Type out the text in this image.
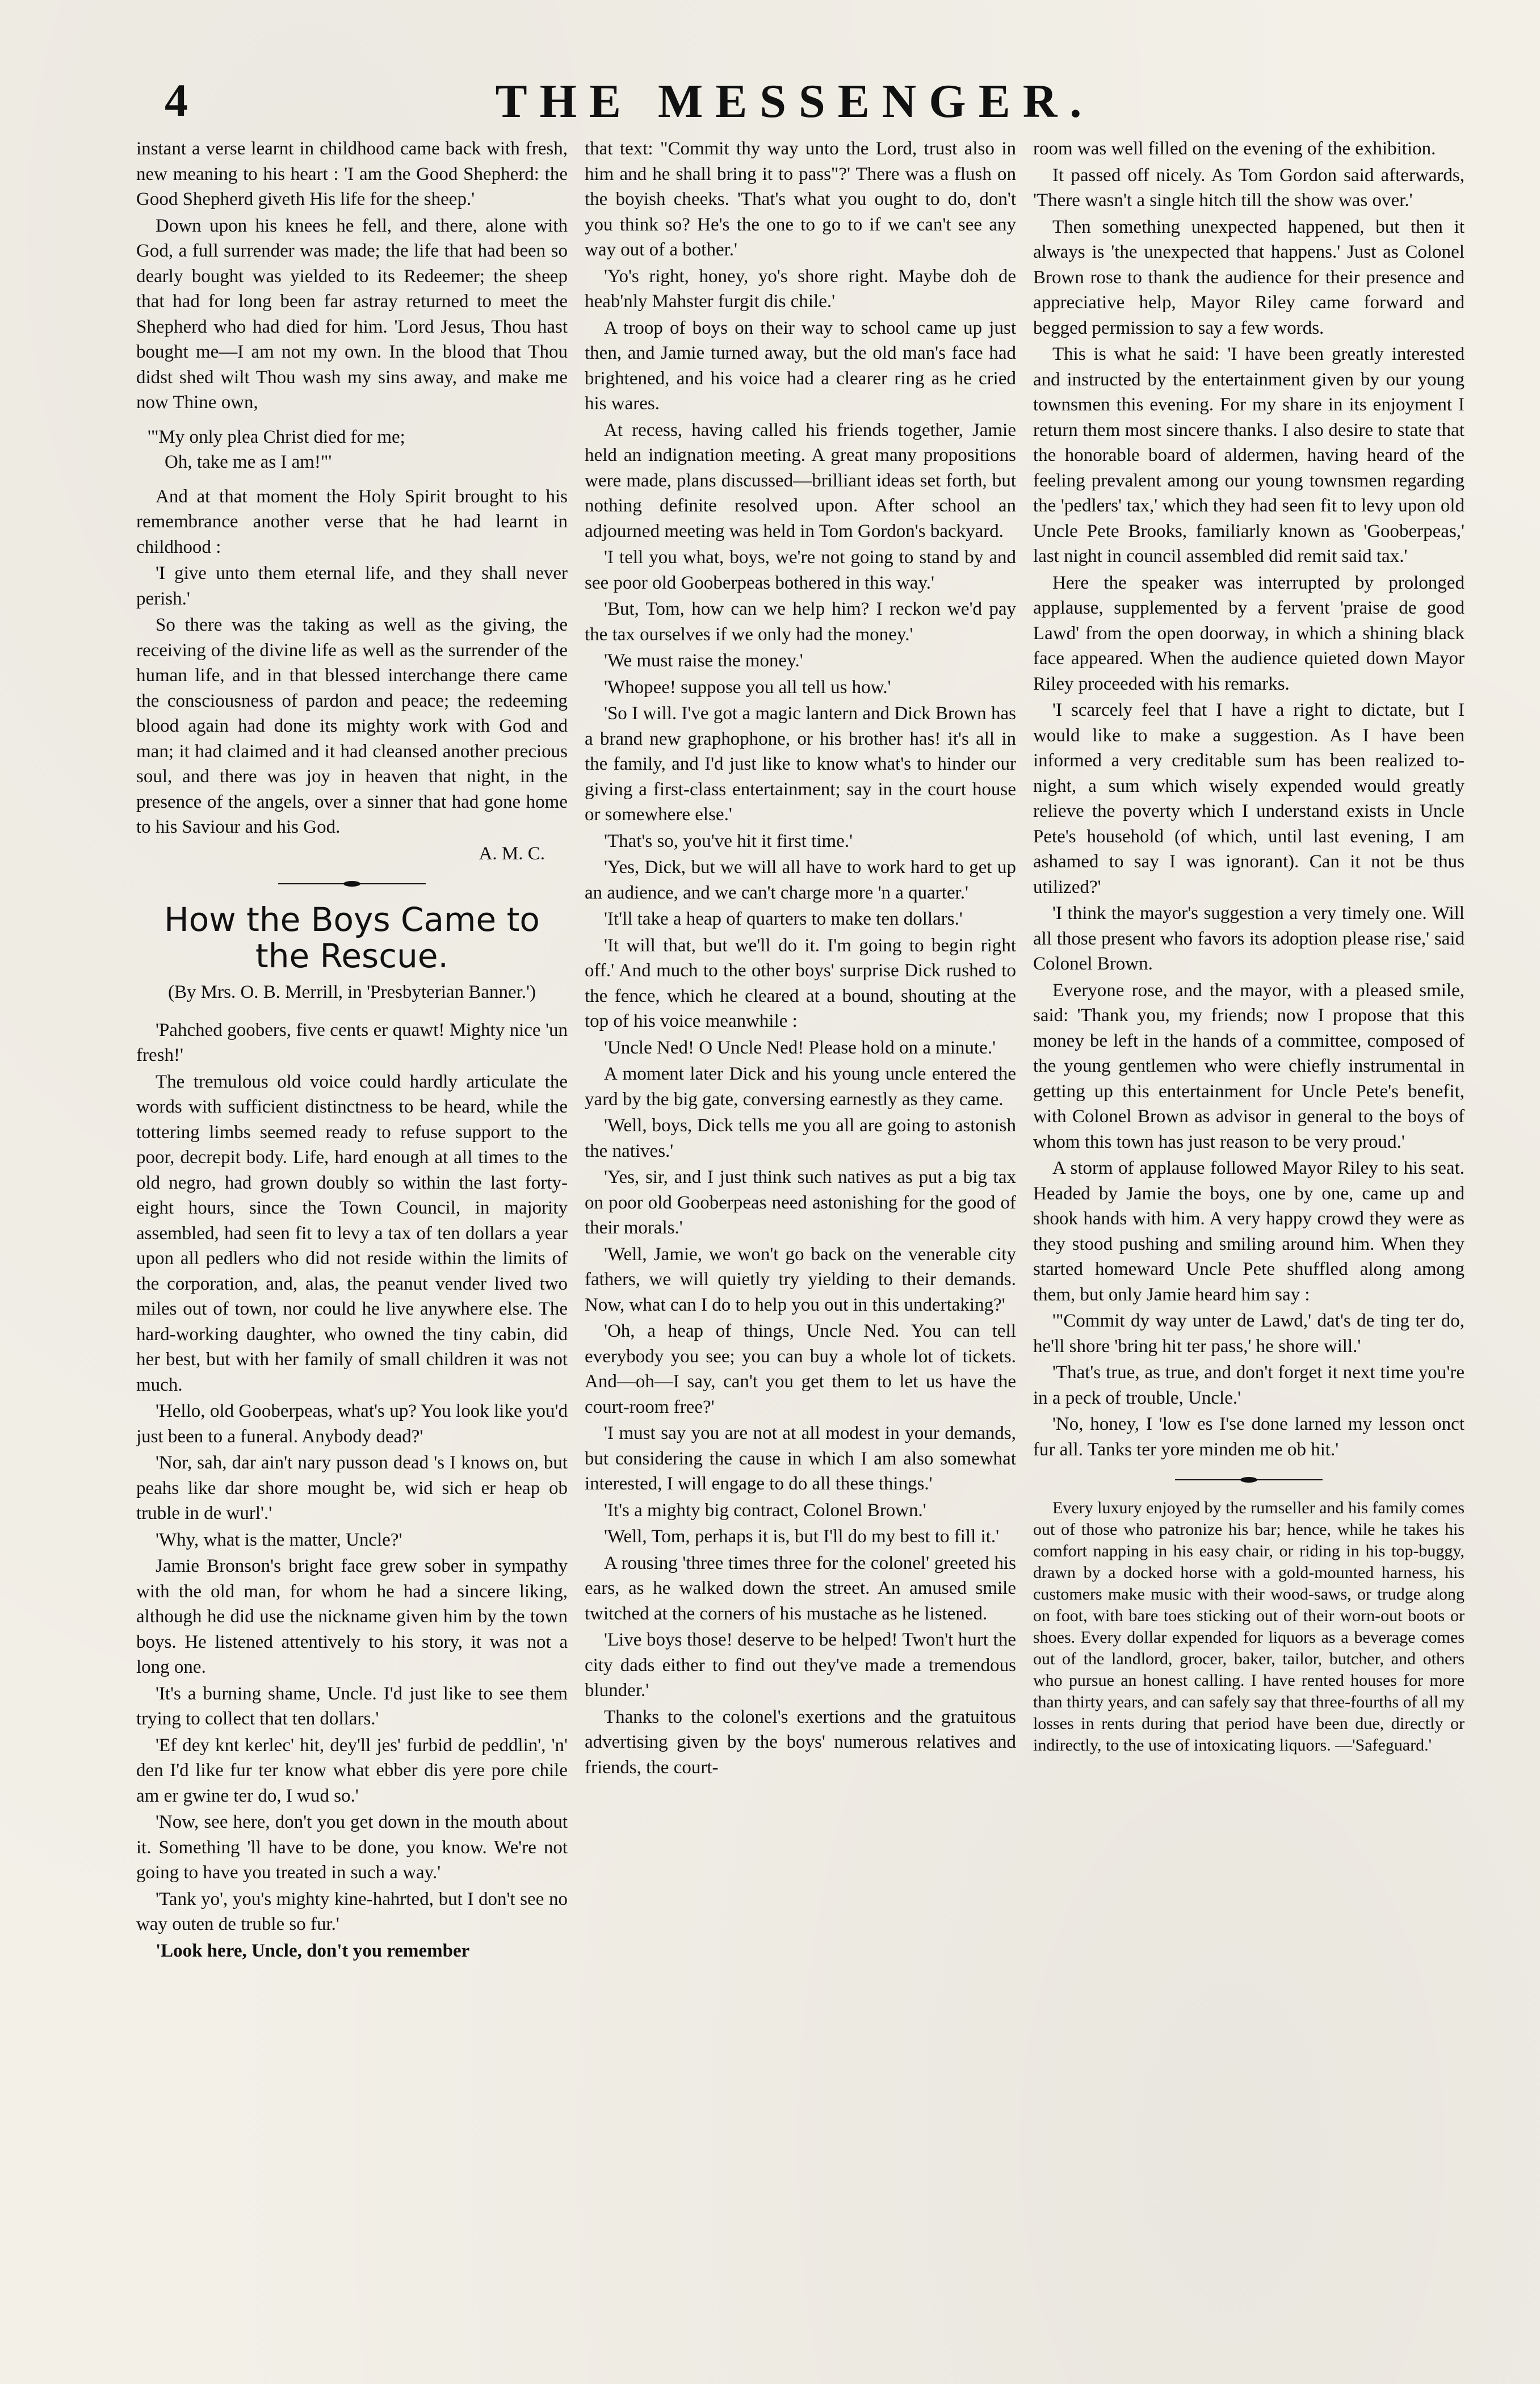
4	THE MESSENGER.

instant a verse learnt in childhood came back with fresh, new meaning to his heart : 'I am the Good Shepherd: the Good Shepherd giveth His life for the sheep.'

Down upon his knees he fell, and there, alone with God, a full surrender was made; the life that had been so dearly bought was yielded to its Redeemer; the sheep that had for long been far astray returned to meet the Shepherd who had died for him. 'Lord Jesus, Thou hast bought me—I am not my own. In the blood that Thou didst shed wilt Thou wash my sins away, and make me now Thine own,

'"My only plea Christ died for me;

Oh, take me as I am!"'

And at that moment the Holy Spirit brought to his remembrance another verse that he had learnt in childhood :

'I give unto them eternal life, and they shall never perish.'

So there was the taking as well as the giving, the receiving of the divine life as well as the surrender of the human life, and in that blessed interchange there came the consciousness of pardon and peace; the redeeming blood again had done its mighty work with God and man; it had claimed and it had cleansed another precious soul, and there was joy in heaven that night, in the presence of the angels, over a sinner that had gone home to his Saviour and his God.

A. M. C.

How the Boys Came to the Rescue.

(By Mrs. O. B. Merrill, in 'Presbyterian Banner.')

'Pahched goobers, five cents er quawt! Mighty nice 'un fresh!'

The tremulous old voice could hardly articulate the words with sufficient distinctness to be heard, while the tottering limbs seemed ready to refuse support to the poor, decrepit body. Life, hard enough at all times to the old negro, had grown doubly so within the last forty-eight hours, since the Town Council, in majority assembled, had seen fit to levy a tax of ten dollars a year upon all pedlers who did not reside within the limits of the corporation, and, alas, the peanut vender lived two miles out of town, nor could he live anywhere else. The hard-working daughter, who owned the tiny cabin, did her best, but with her family of small children it was not much.

'Hello, old Gooberpeas, what's up? You look like you'd just been to a funeral. Anybody dead?'

'Nor, sah, dar ain't nary pusson dead 's I knows on, but peahs like dar shore mought be, wid sich er heap ob truble in de wurl'.'

'Why, what is the matter, Uncle?'

Jamie Bronson's bright face grew sober in sympathy with the old man, for whom he had a sincere liking, although he did use the nickname given him by the town boys. He listened attentively to his story, it was not a long one.

'It's a burning shame, Uncle. I'd just like to see them trying to collect that ten dollars.'

'Ef dey knt kerlec' hit, dey'll jes' furbid de peddlin', 'n' den I'd like fur ter know what ebber dis yere pore chile am er gwine ter do, I wud so.'

'Now, see here, don't you get down in the mouth about it. Something 'll have to be done, you know. We're not going to have you treated in such a way.'

'Tank yo', you's mighty kine-hahrted, but I don't see no way outen de truble so fur.'

'Look here, Uncle, don't you remember

that text: "Commit thy way unto the Lord, trust also in him and he shall bring it to pass"?' There was a flush on the boyish cheeks. 'That's what you ought to do, don't you think so? He's the one to go to if we can't see any way out of a bother.'

'Yo's right, honey, yo's shore right. Maybe doh de heab'nly Mahster furgit dis chile.'

A troop of boys on their way to school came up just then, and Jamie turned away, but the old man's face had brightened, and his voice had a clearer ring as he cried his wares.

At recess, having called his friends together, Jamie held an indignation meeting. A great many propositions were made, plans discussed—brilliant ideas set forth, but nothing definite resolved upon. After school an adjourned meeting was held in Tom Gordon's backyard.

'I tell you what, boys, we're not going to stand by and see poor old Gooberpeas bothered in this way.'

'But, Tom, how can we help him? I reckon we'd pay the tax ourselves if we only had the money.'

'We must raise the money.'

'Whopee! suppose you all tell us how.'

'So I will. I've got a magic lantern and Dick Brown has a brand new graphophone, or his brother has! it's all in the family, and I'd just like to know what's to hinder our giving a first-class entertainment; say in the court house or somewhere else.'

'That's so, you've hit it first time.'

'Yes, Dick, but we will all have to work hard to get up an audience, and we can't charge more 'n a quarter.'

'It'll take a heap of quarters to make ten dollars.'

'It will that, but we'll do it. I'm going to begin right off.' And much to the other boys' surprise Dick rushed to the fence, which he cleared at a bound, shouting at the top of his voice meanwhile :

'Uncle Ned! O Uncle Ned! Please hold on a minute.'

A moment later Dick and his young uncle entered the yard by the big gate, conversing earnestly as they came.

'Well, boys, Dick tells me you all are going to astonish the natives.'

'Yes, sir, and I just think such natives as put a big tax on poor old Gooberpeas need astonishing for the good of their morals.'

'Well, Jamie, we won't go back on the venerable city fathers, we will quietly try yielding to their demands. Now, what can I do to help you out in this undertaking?'

'Oh, a heap of things, Uncle Ned. You can tell everybody you see; you can buy a whole lot of tickets. And—oh—I say, can't you get them to let us have the court-room free?'

'I must say you are not at all modest in your demands, but considering the cause in which I am also somewhat interested, I will engage to do all these things.'

'It's a mighty big contract, Colonel Brown.'

'Well, Tom, perhaps it is, but I'll do my best to fill it.'

A rousing 'three times three for the colonel' greeted his ears, as he walked down the street. An amused smile twitched at the corners of his mustache as he listened.

'Live boys those! deserve to be helped! Twon't hurt the city dads either to find out they've made a tremendous blunder.'

Thanks to the colonel's exertions and the gratuitous advertising given by the boys' numerous relatives and friends, the court-

room was well filled on the evening of the exhibition.

It passed off nicely. As Tom Gordon said afterwards, 'There wasn't a single hitch till the show was over.'

Then something unexpected happened, but then it always is 'the unexpected that happens.' Just as Colonel Brown rose to thank the audience for their presence and appreciative help, Mayor Riley came forward and begged permission to say a few words.

This is what he said: 'I have been greatly interested and instructed by the entertainment given by our young townsmen this evening. For my share in its enjoyment I return them most sincere thanks. I also desire to state that the honorable board of aldermen, having heard of the feeling prevalent among our young townsmen regarding the 'pedlers' tax,' which they had seen fit to levy upon old Uncle Pete Brooks, familiarly known as 'Gooberpeas,' last night in council assembled did remit said tax.'

Here the speaker was interrupted by prolonged applause, supplemented by a fervent 'praise de good Lawd' from the open doorway, in which a shining black face appeared. When the audience quieted down Mayor Riley proceeded with his remarks.

'I scarcely feel that I have a right to dictate, but I would like to make a suggestion. As I have been informed a very creditable sum has been realized to-night, a sum which wisely expended would greatly relieve the poverty which I understand exists in Uncle Pete's household (of which, until last evening, I am ashamed to say I was ignorant). Can it not be thus utilized?'

'I think the mayor's suggestion a very timely one. Will all those present who favors its adoption please rise,' said Colonel Brown.

Everyone rose, and the mayor, with a pleased smile, said: 'Thank you, my friends; now I propose that this money be left in the hands of a committee, composed of the young gentlemen who were chiefly instrumental in getting up this entertainment for Uncle Pete's benefit, with Colonel Brown as advisor in general to the boys of whom this town has just reason to be very proud.'

A storm of applause followed Mayor Riley to his seat. Headed by Jamie the boys, one by one, came up and shook hands with him. A very happy crowd they were as they stood pushing and smiling around him. When they started homeward Uncle Pete shuffled along among them, but only Jamie heard him say :

'"Commit dy way unter de Lawd,' dat's de ting ter do, he'll shore 'bring hit ter pass,' he shore will.'

'That's true, as true, and don't forget it next time you're in a peck of trouble, Uncle.'

'No, honey, I 'low es I'se done larned my lesson onct fur all. Tanks ter yore minden me ob hit.'

Every luxury enjoyed by the rumseller and his family comes out of those who patronize his bar; hence, while he takes his comfort napping in his easy chair, or riding in his top-buggy, drawn by a docked horse with a gold-mounted harness, his customers make music with their wood-saws, or trudge along on foot, with bare toes sticking out of their worn-out boots or shoes. Every dollar expended for liquors as a beverage comes out of the landlord, grocer, baker, tailor, butcher, and others who pursue an honest calling. I have rented houses for more than thirty years, and can safely say that three-fourths of all my losses in rents during that period have been due, directly or indirectly, to the use of intoxicating liquors. —'Safeguard.'
